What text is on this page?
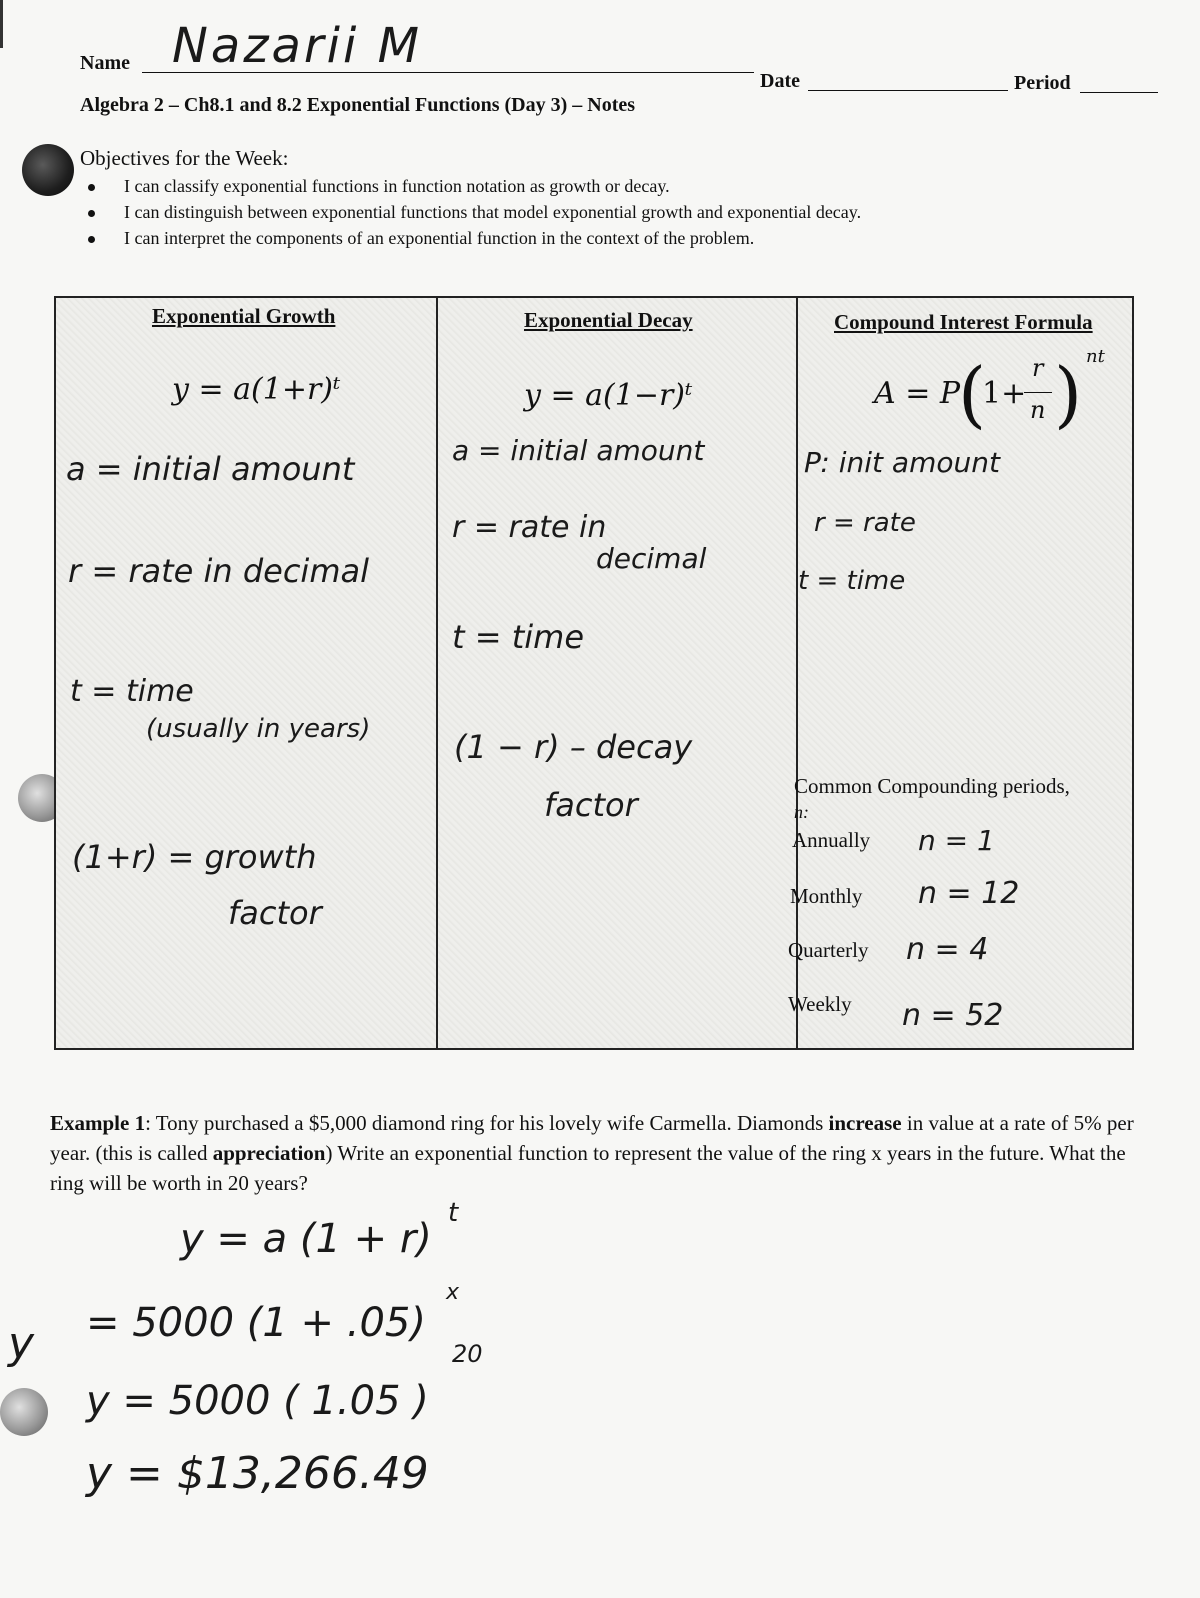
Name Nazarii M
Date	Period
Algebra 2 – Ch8.1 and 8.2 Exponential Functions (Day 3) – Notes
Objectives for the Week:
I can classify exponential functions in function notation as growth or decay.
I can distinguish between exponential functions that model exponential growth and exponential decay.
I can interpret the components of an exponential function in the context of the problem.
Exponential Growth
y = a(1+r)ᵗ
a = initial amount
r = rate in decimal
t = time
(usually in years)
(1+r) = growth
factor
Exponential Decay
y = a(1−r)ᵗ
a = initial amount
r = rate in
decimal
t = time
(1 − r) – decay
factor
Compound Interest Formula
A = P
(
1+
r
n ) nt
P: init amount
r = rate
t = time
Common Compounding periods,
n:
Annually n = 1
Monthly n = 12
Quarterly n = 4
Weekly n = 52
Example 1: Tony purchased a $5,000 diamond ring for his lovely wife Carmella. Diamonds increase in value at a rate of 5% per year. (this is called appreciation) Write an exponential function to represent the value of the ring x years in the future. What the ring will be worth in 20 years?
y = a (1 + r)
t
y = 5000 (1 + .05)
x
20
y = 5000 ( 1.05 )
y = $13,266.49
